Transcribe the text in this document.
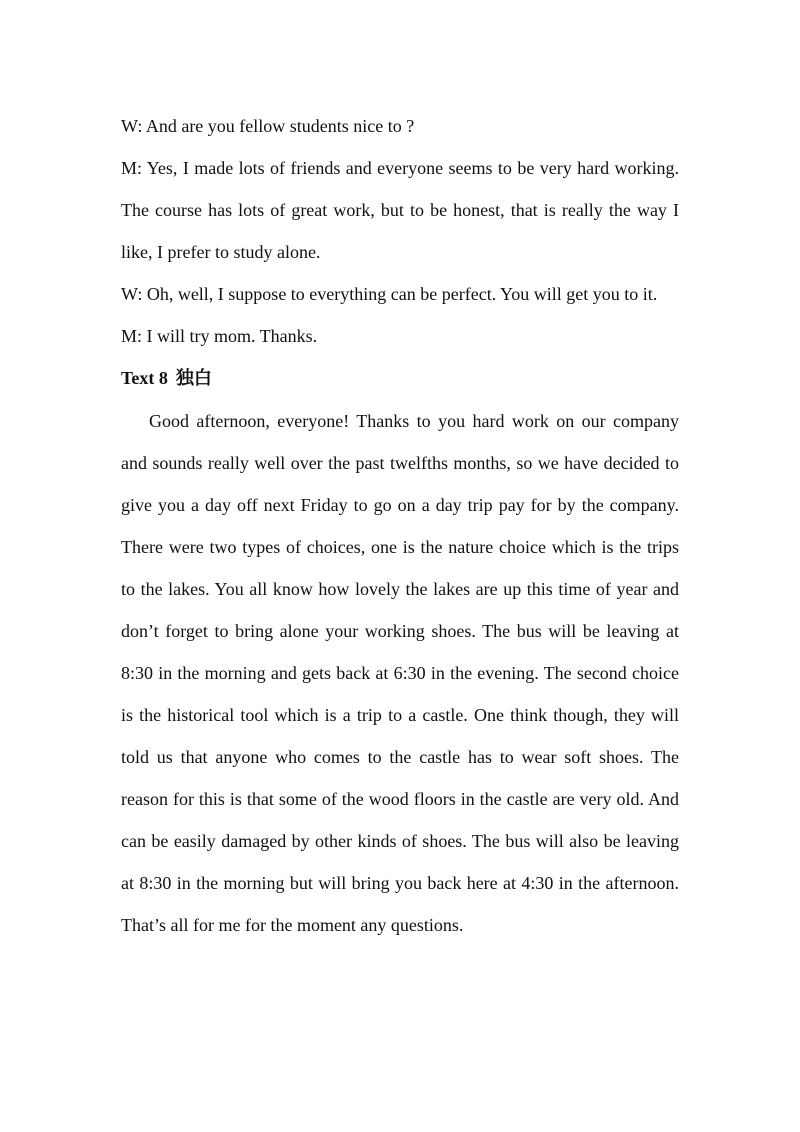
W: And are you fellow students nice to ?

M: Yes, I made lots of friends and everyone seems to be very hard working. The course has lots of great work, but to be honest, that is really the way I like, I prefer to study alone.

W: Oh, well, I suppose to everything can be perfect. You will get you to it.

M: I will try mom. Thanks.

Text 8 独白

Good afternoon, everyone! Thanks to you hard work on our company and sounds really well over the past twelfths months, so we have decided to give you a day off next Friday to go on a day trip pay for by the company. There were two types of choices, one is the nature choice which is the trips to the lakes. You all know how lovely the lakes are up this time of year and don’t forget to bring alone your working shoes. The bus will be leaving at 8:30 in the morning and gets back at 6:30 in the evening. The second choice is the historical tool which is a trip to a castle. One think though, they will told us that anyone who comes to the castle has to wear soft shoes. The reason for this is that some of the wood floors in the castle are very old. And can be easily damaged by other kinds of shoes. The bus will also be leaving at 8:30 in the morning but will bring you back here at 4:30 in the afternoon. That’s all for me for the moment any questions.
